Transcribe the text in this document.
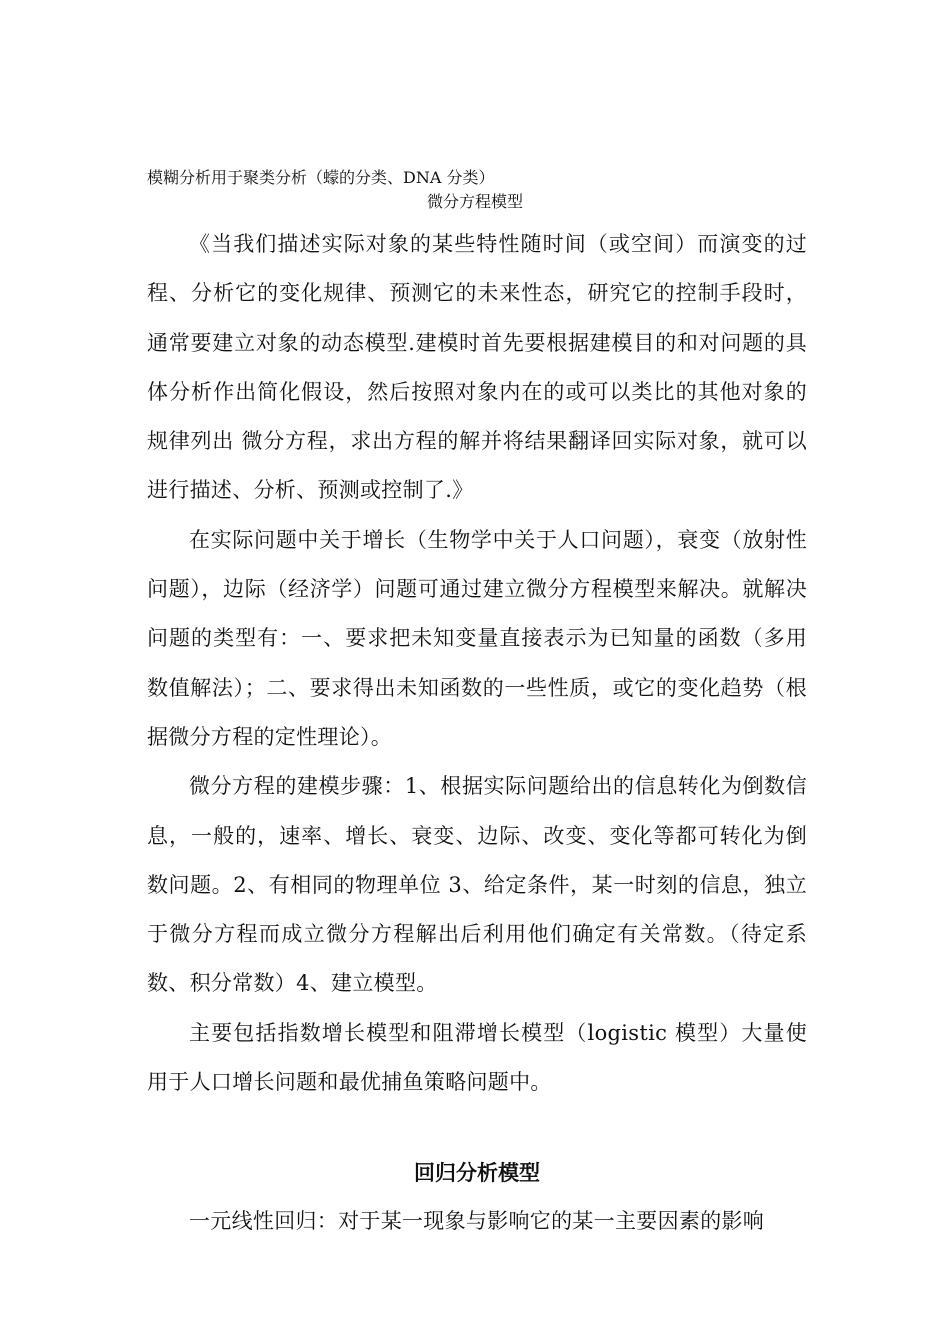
模糊分析用于聚类分析（蠓的分类、DNA 分类）
微分方程模型

《当我们描述实际对象的某些特性随时间（或空间）而演变的过程、分析它的变化规律、预测它的未来性态，研究它的控制手段时，通常要建立对象的动态模型.建模时首先要根据建模目的和对问题的具体分析作出简化假设，然后按照对象内在的或可以类比的其他对象的规律列出 微分方程，求出方程的解并将结果翻译回实际对象，就可以进行描述、分析、预测或控制了.》

在实际问题中关于增长（生物学中关于人口问题），衰变（放射性问题），边际（经济学）问题可通过建立微分方程模型来解决。就解决问题的类型有：一、要求把未知变量直接表示为已知量的函数（多用数值解法）；二、要求得出未知函数的一些性质，或它的变化趋势（根据微分方程的定性理论）。

微分方程的建模步骤：1、根据实际问题给出的信息转化为倒数信息，一般的，速率、增长、衰变、边际、改变、变化等都可转化为倒数问题。2、有相同的物理单位 3、给定条件，某一时刻的信息，独立于微分方程而成立微分方程解出后利用他们确定有关常数。（待定系数、积分常数）4、建立模型。

主要包括指数增长模型和阻滞增长模型（logistic 模型）大量使用于人口增长问题和最优捕鱼策略问题中。

回归分析模型

一元线性回归：对于某一现象与影响它的某一主要因素的影响
